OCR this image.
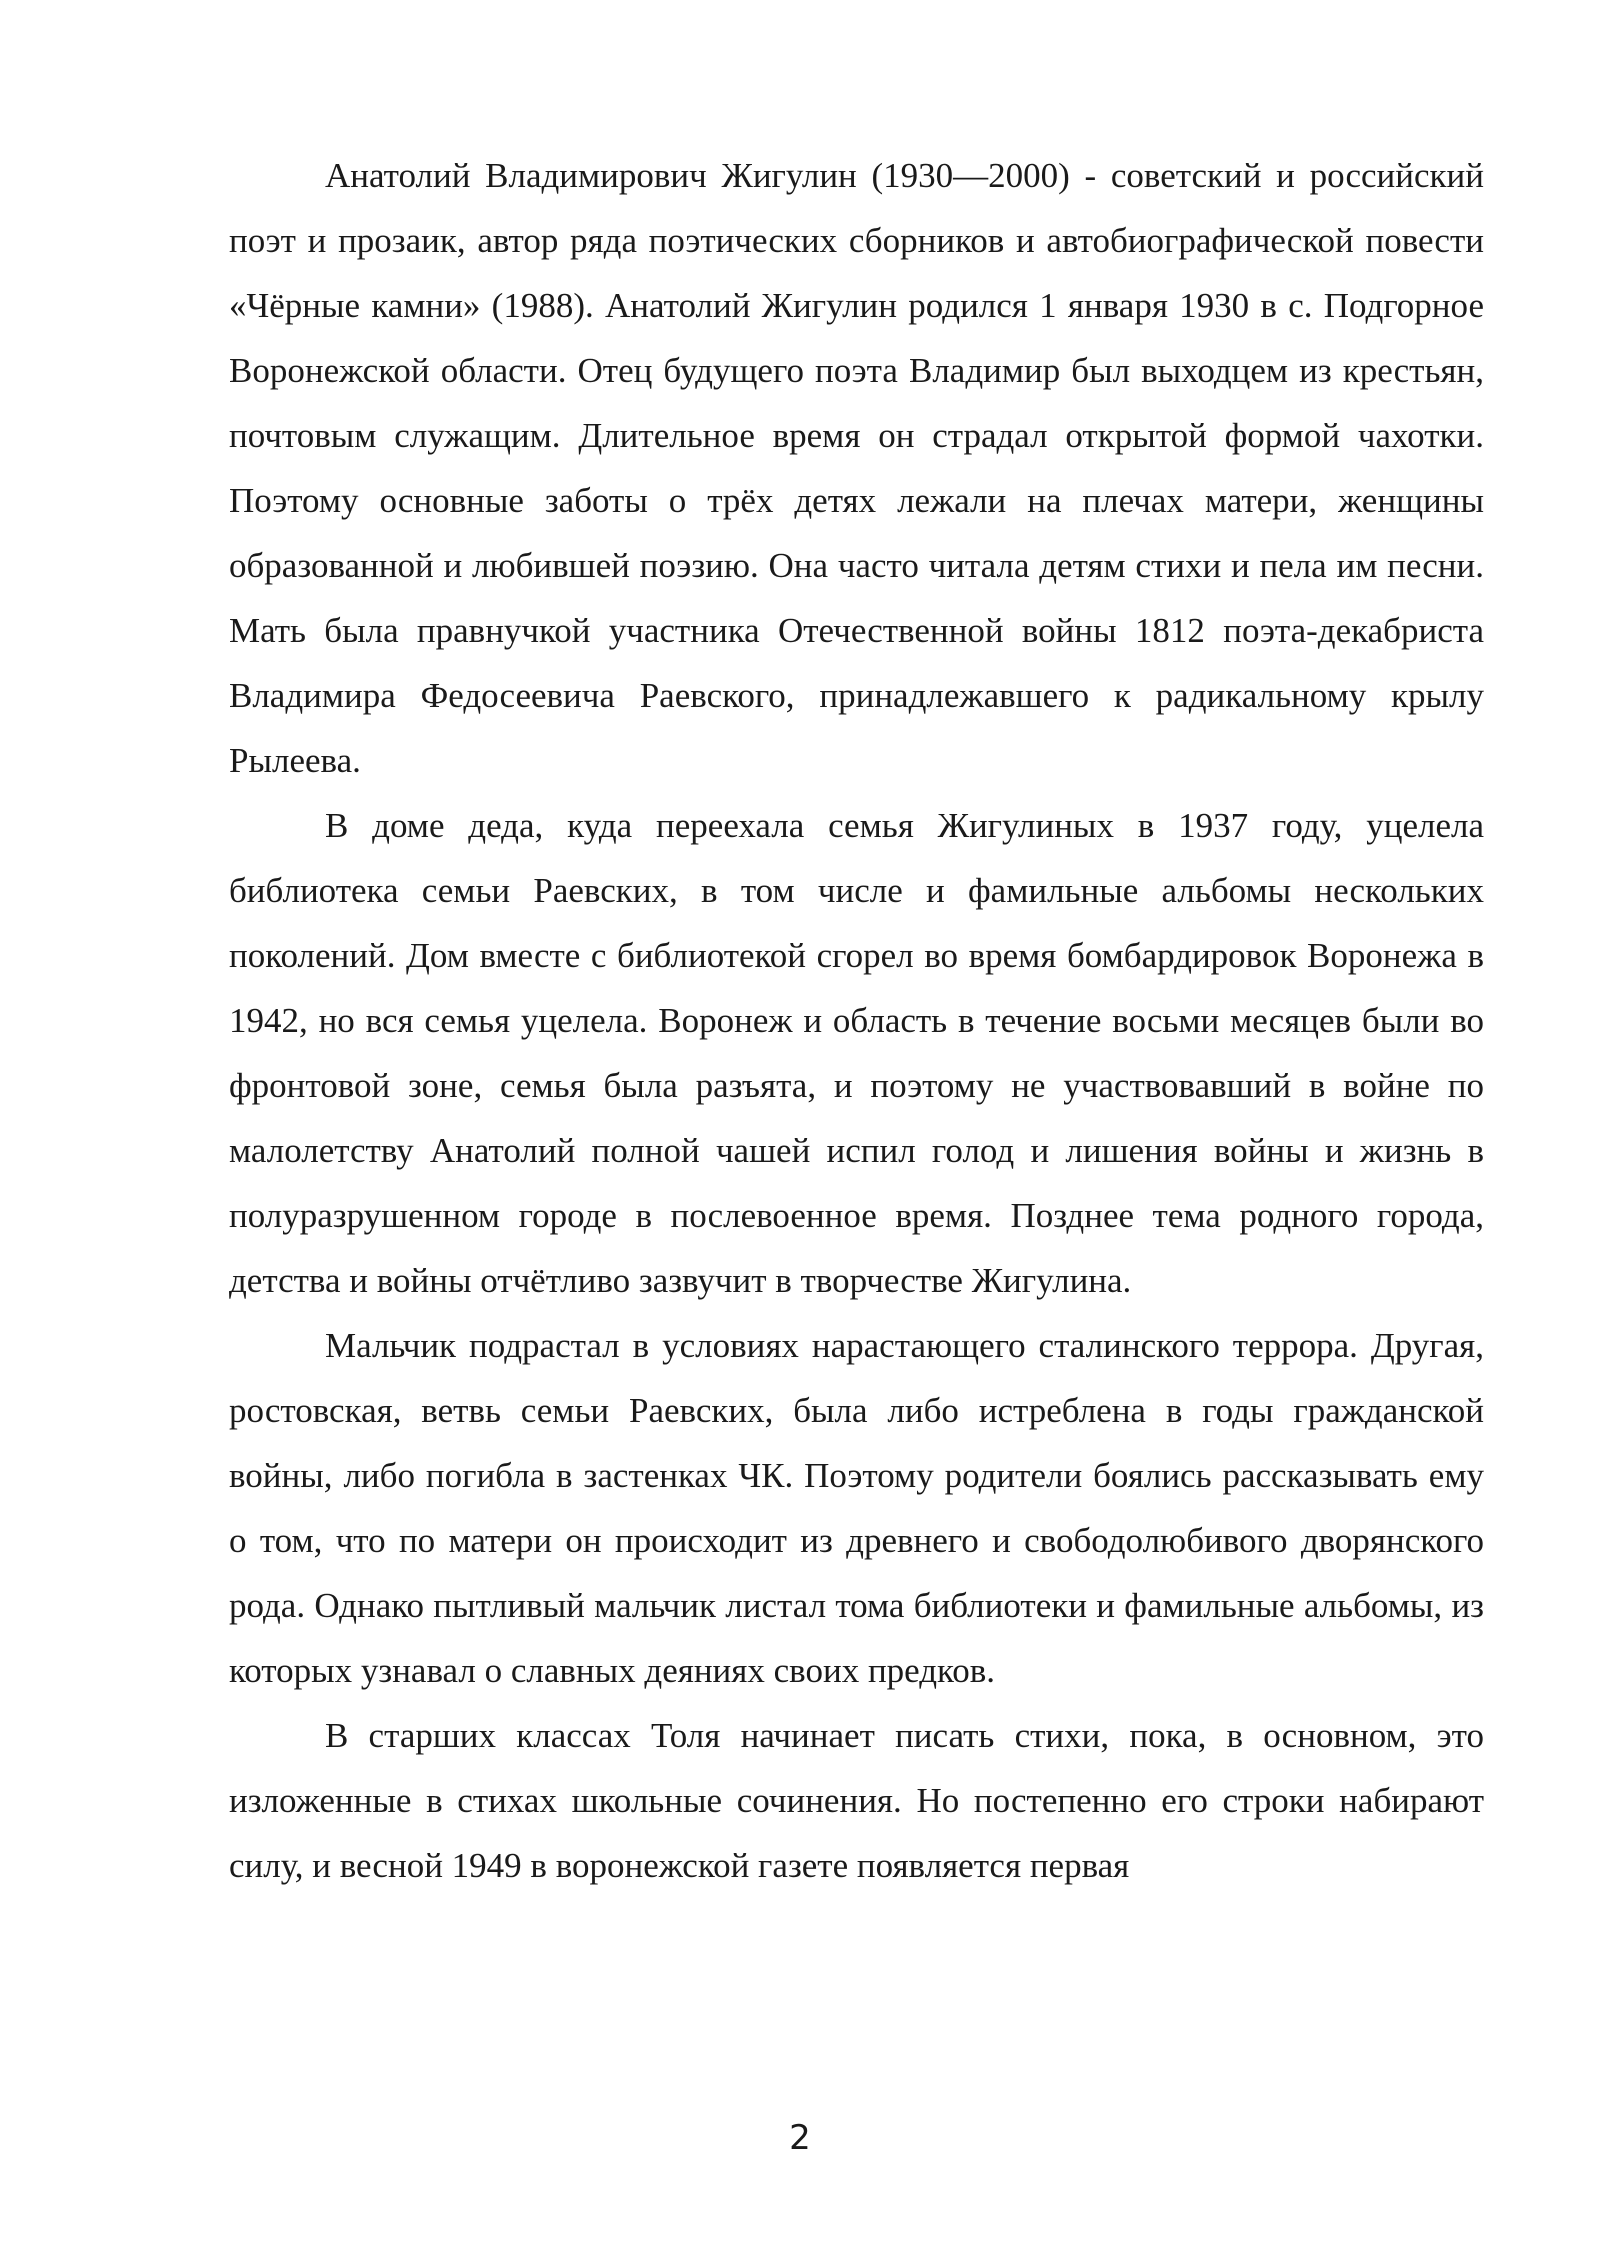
Анатолий Владимирович Жигулин (1930—2000) - советский и российский поэт и прозаик, автор ряда поэтических сборников и автобиографической повести «Чёрные камни» (1988). Анатолий Жигулин родился 1 января 1930 в с. Подгорное Воронежской области. Отец будущего поэта Владимир был выходцем из крестьян, почтовым служащим. Длительное время он страдал открытой формой чахотки. Поэтому основные заботы о трёх детях лежали на плечах матери, женщины образованной и любившей поэзию. Она часто читала детям стихи и пела им песни. Мать была правнучкой участника Отечественной войны 1812 поэта-декабриста Владимира Федосеевича Раевского, принадлежавшего к радикальному крылу Рылеева.

В доме деда, куда переехала семья Жигулиных в 1937 году, уцелела библиотека семьи Раевских, в том числе и фамильные альбомы нескольких поколений. Дом вместе с библиотекой сгорел во время бомбардировок Воронежа в 1942, но вся семья уцелела. Воронеж и область в течение восьми месяцев были во фронтовой зоне, семья была разъята, и поэтому не участвовавший в войне по малолетству Анатолий полной чашей испил голод и лишения войны и жизнь в полуразрушенном городе в послевоенное время. Позднее тема родного города, детства и войны отчётливо зазвучит в творчестве Жигулина.

Мальчик подрастал в условиях нарастающего сталинского террора. Другая, ростовская, ветвь семьи Раевских, была либо истреблена в годы гражданской войны, либо погибла в застенках ЧК. Поэтому родители боялись рассказывать ему о том, что по матери он происходит из древнего и свободолюбивого дворянского рода. Однако пытливый мальчик листал тома библиотеки и фамильные альбомы, из которых узнавал о славных деяниях своих предков.

В старших классах Толя начинает писать стихи, пока, в основном, это изложенные в стихах школьные сочинения. Но постепенно его строки набирают силу, и весной 1949 в воронежской газете появляется первая

2
